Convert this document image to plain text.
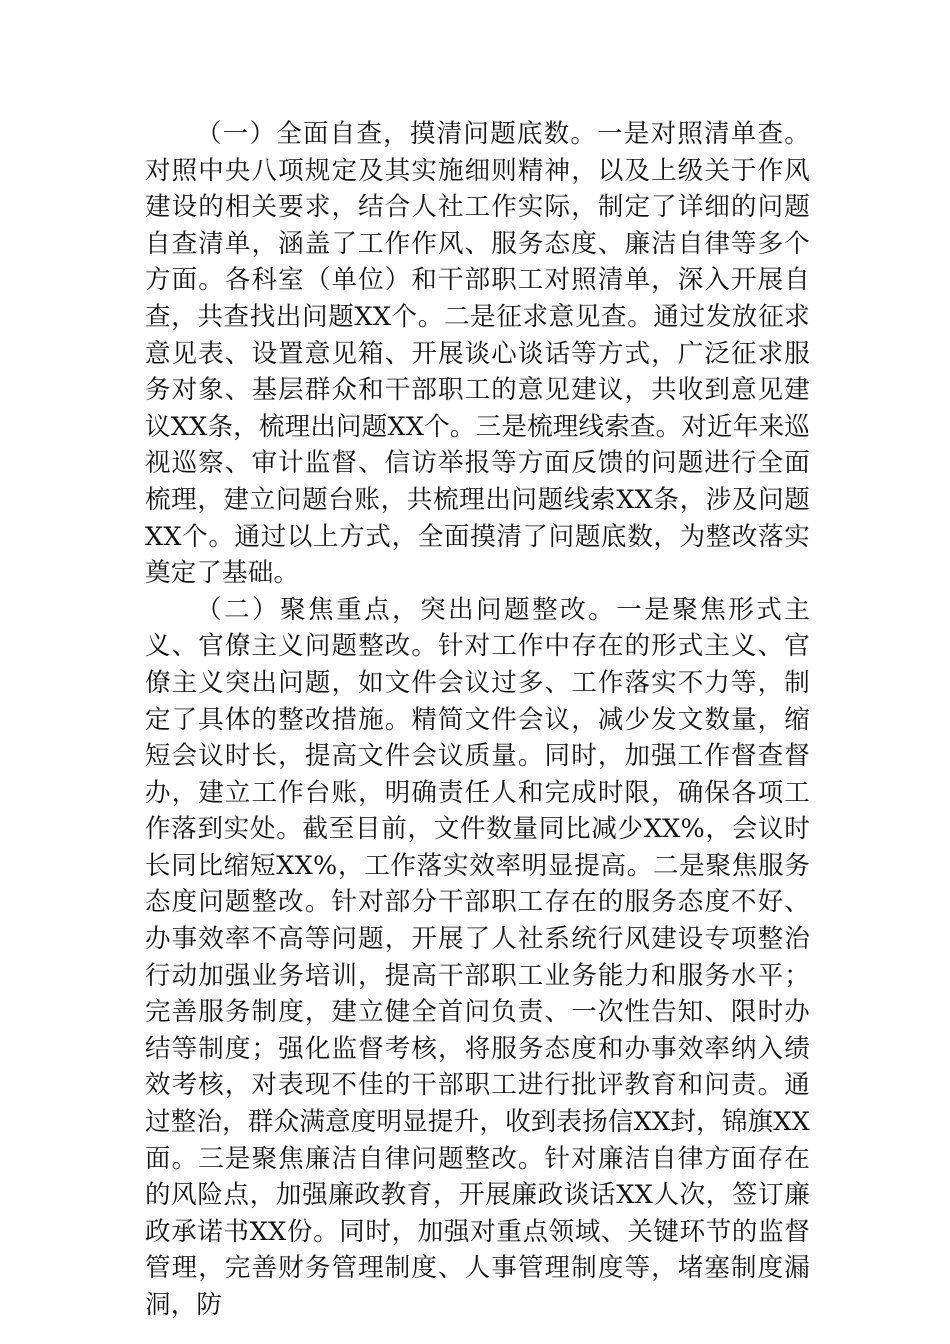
（一）全面自查，摸清问题底数。一是对照清单查。对照中央八项规定及其实施细则精神，以及上级关于作风建设的相关要求，结合人社工作实际，制定了详细的问题自查清单，涵盖了工作作风、服务态度、廉洁自律等多个方面。各科室（单位）和干部职工对照清单，深入开展自查，共查找出问题XX个。二是征求意见查。通过发放征求意见表、设置意见箱、开展谈心谈话等方式，广泛征求服务对象、基层群众和干部职工的意见建议，共收到意见建议XX条，梳理出问题XX个。三是梳理线索查。对近年来巡视巡察、审计监督、信访举报等方面反馈的问题进行全面梳理，建立问题台账，共梳理出问题线索XX条，涉及问题XX个。通过以上方式，全面摸清了问题底数，为整改落实奠定了基础。

（二）聚焦重点，突出问题整改。一是聚焦形式主义、官僚主义问题整改。针对工作中存在的形式主义、官僚主义突出问题，如文件会议过多、工作落实不力等，制定了具体的整改措施。精简文件会议，减少发文数量，缩短会议时长，提高文件会议质量。同时，加强工作督查督办，建立工作台账，明确责任人和完成时限，确保各项工作落到实处。截至目前，文件数量同比减少XX%，会议时长同比缩短XX%，工作落实效率明显提高。二是聚焦服务态度问题整改。针对部分干部职工存在的服务态度不好、办事效率不高等问题，开展了人社系统行风建设专项整治行动加强业务培训，提高干部职工业务能力和服务水平；完善服务制度，建立健全首问负责、一次性告知、限时办结等制度；强化监督考核，将服务态度和办事效率纳入绩效考核，对表现不佳的干部职工进行批评教育和问责。通过整治，群众满意度明显提升，收到表扬信XX封，锦旗XX面。三是聚焦廉洁自律问题整改。针对廉洁自律方面存在的风险点，加强廉政教育，开展廉政谈话XX人次，签订廉政承诺书XX份。同时，加强对重点领域、关键环节的监督管理，完善财务管理制度、人事管理制度等，堵塞制度漏洞，防
